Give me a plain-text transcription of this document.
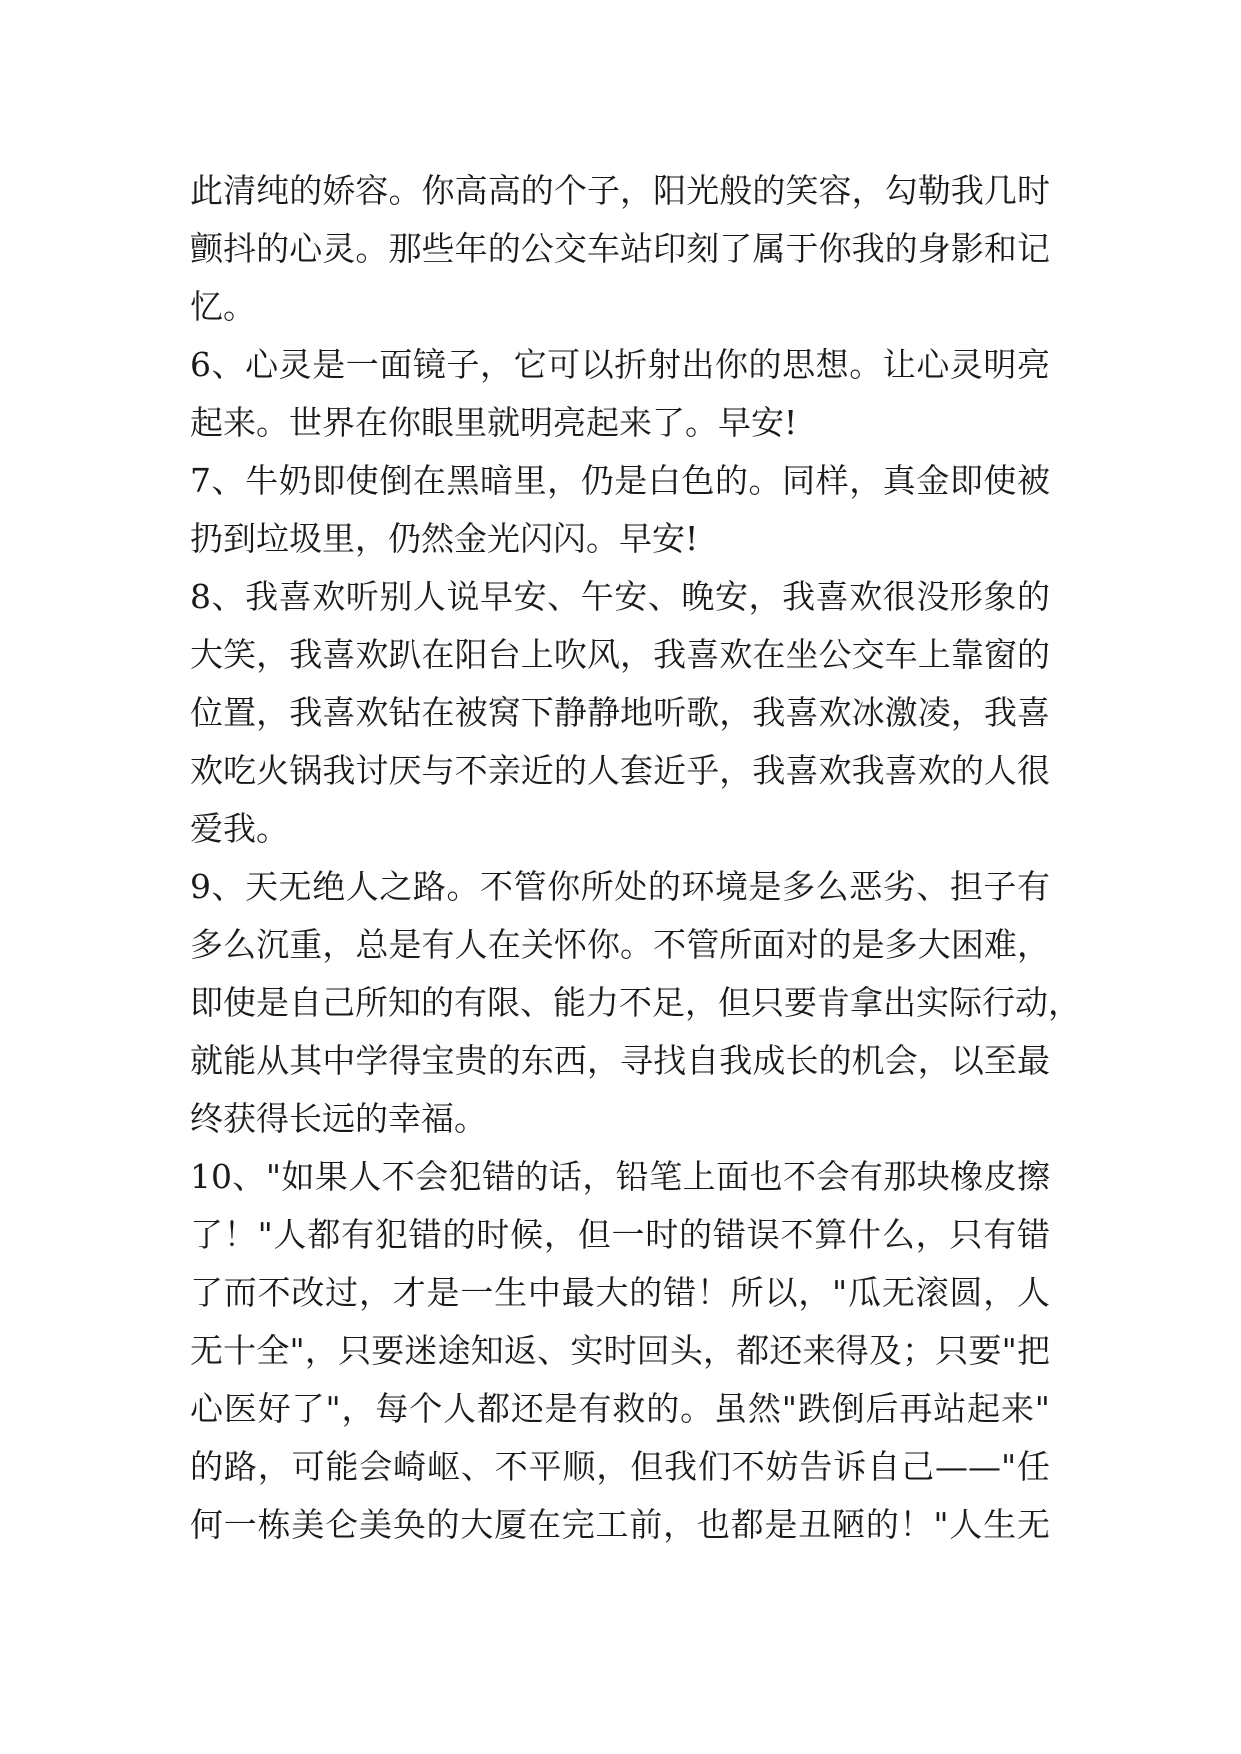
此清纯的娇容。你高高的个子，阳光般的笑容，勾勒我几时
颤抖的心灵。那些年的公交车站印刻了属于你我的身影和记
忆。
6、心灵是一面镜子，它可以折射出你的思想。让心灵明亮
起来。世界在你眼里就明亮起来了。早安!
7、牛奶即使倒在黑暗里，仍是白色的。同样，真金即使被
扔到垃圾里，仍然金光闪闪。早安!
8、我喜欢听别人说早安、午安、晚安，我喜欢很没形象的
大笑，我喜欢趴在阳台上吹风，我喜欢在坐公交车上靠窗的
位置，我喜欢钻在被窝下静静地听歌，我喜欢冰激凌，我喜
欢吃火锅我讨厌与不亲近的人套近乎，我喜欢我喜欢的人很
爱我。
9、天无绝人之路。不管你所处的环境是多么恶劣、担子有
多么沉重，总是有人在关怀你。不管所面对的是多大困难，
即使是自己所知的有限、能力不足，但只要肯拿出实际行动，
就能从其中学得宝贵的东西，寻找自我成长的机会，以至最
终获得长远的幸福。
10、"如果人不会犯错的话，铅笔上面也不会有那块橡皮擦
了！"人都有犯错的时候，但一时的错误不算什么，只有错
了而不改过，才是一生中最大的错！所以，"瓜无滚圆，人
无十全"，只要迷途知返、实时回头，都还来得及；只要"把
心医好了"，每个人都还是有救的。虽然"跌倒后再站起来"
的路，可能会崎岖、不平顺，但我们不妨告诉自己——"任
何一栋美仑美奂的大厦在完工前，也都是丑陋的！"人生无
